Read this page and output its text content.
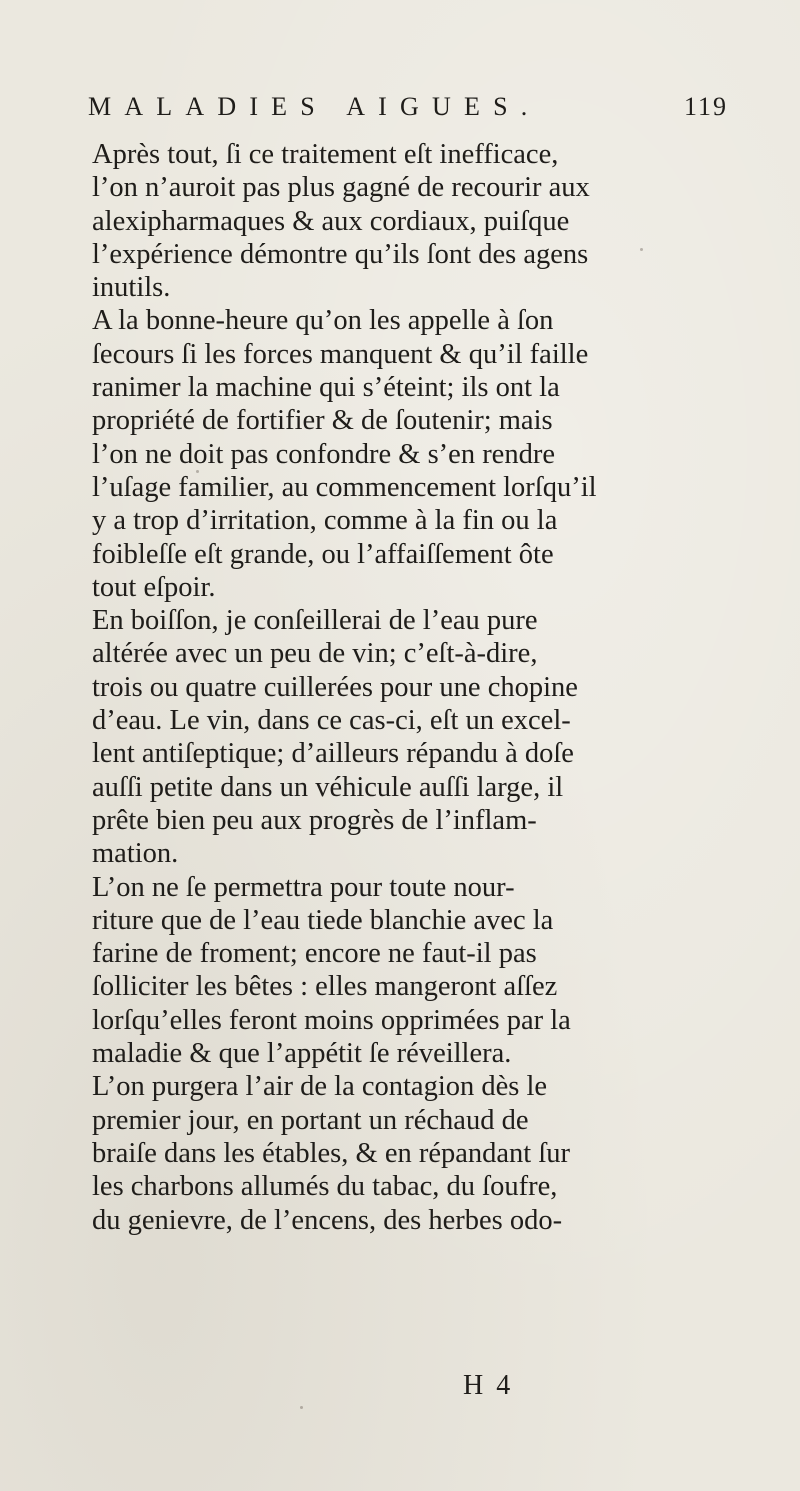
MALADIES AIGUES.	119
Après tout, ſi ce traitement eſt inefficace,
l’on n’auroit pas plus gagné de recourir aux
alexipharmaques & aux cordiaux, puiſque
l’expérience démontre qu’ils ſont des agens
inutils.
A la bonne-heure qu’on les appelle à ſon
ſecours ſi les forces manquent & qu’il faille
ranimer la machine qui s’éteint; ils ont la
propriété de fortifier & de ſoutenir; mais
l’on ne doit pas confondre & s’en rendre
l’uſage familier, au commencement lorſqu’il
y a trop d’irritation, comme à la fin ou la
foibleſſe eſt grande, ou l’affaiſſement ôte
tout eſpoir.
En boiſſon, je conſeillerai de l’eau pure
altérée avec un peu de vin; c’eſt-à-dire,
trois ou quatre cuillerées pour une chopine
d’eau. Le vin, dans ce cas-ci, eſt un excel-
lent antiſeptique; d’ailleurs répandu à doſe
auſſi petite dans un véhicule auſſi large, il
prête bien peu aux progrès de l’inflam-
mation.
L’on ne ſe permettra pour toute nour-
riture que de l’eau tiede blanchie avec la
farine de froment; encore ne faut-il pas
ſolliciter les bêtes : elles mangeront aſſez
lorſqu’elles feront moins opprimées par la
maladie & que l’appétit ſe réveillera.
L’on purgera l’air de la contagion dès le
premier jour, en portant un réchaud de
braiſe dans les étables, & en répandant ſur
les charbons allumés du tabac, du ſoufre,
du genievre, de l’encens, des herbes odo-
H 4
